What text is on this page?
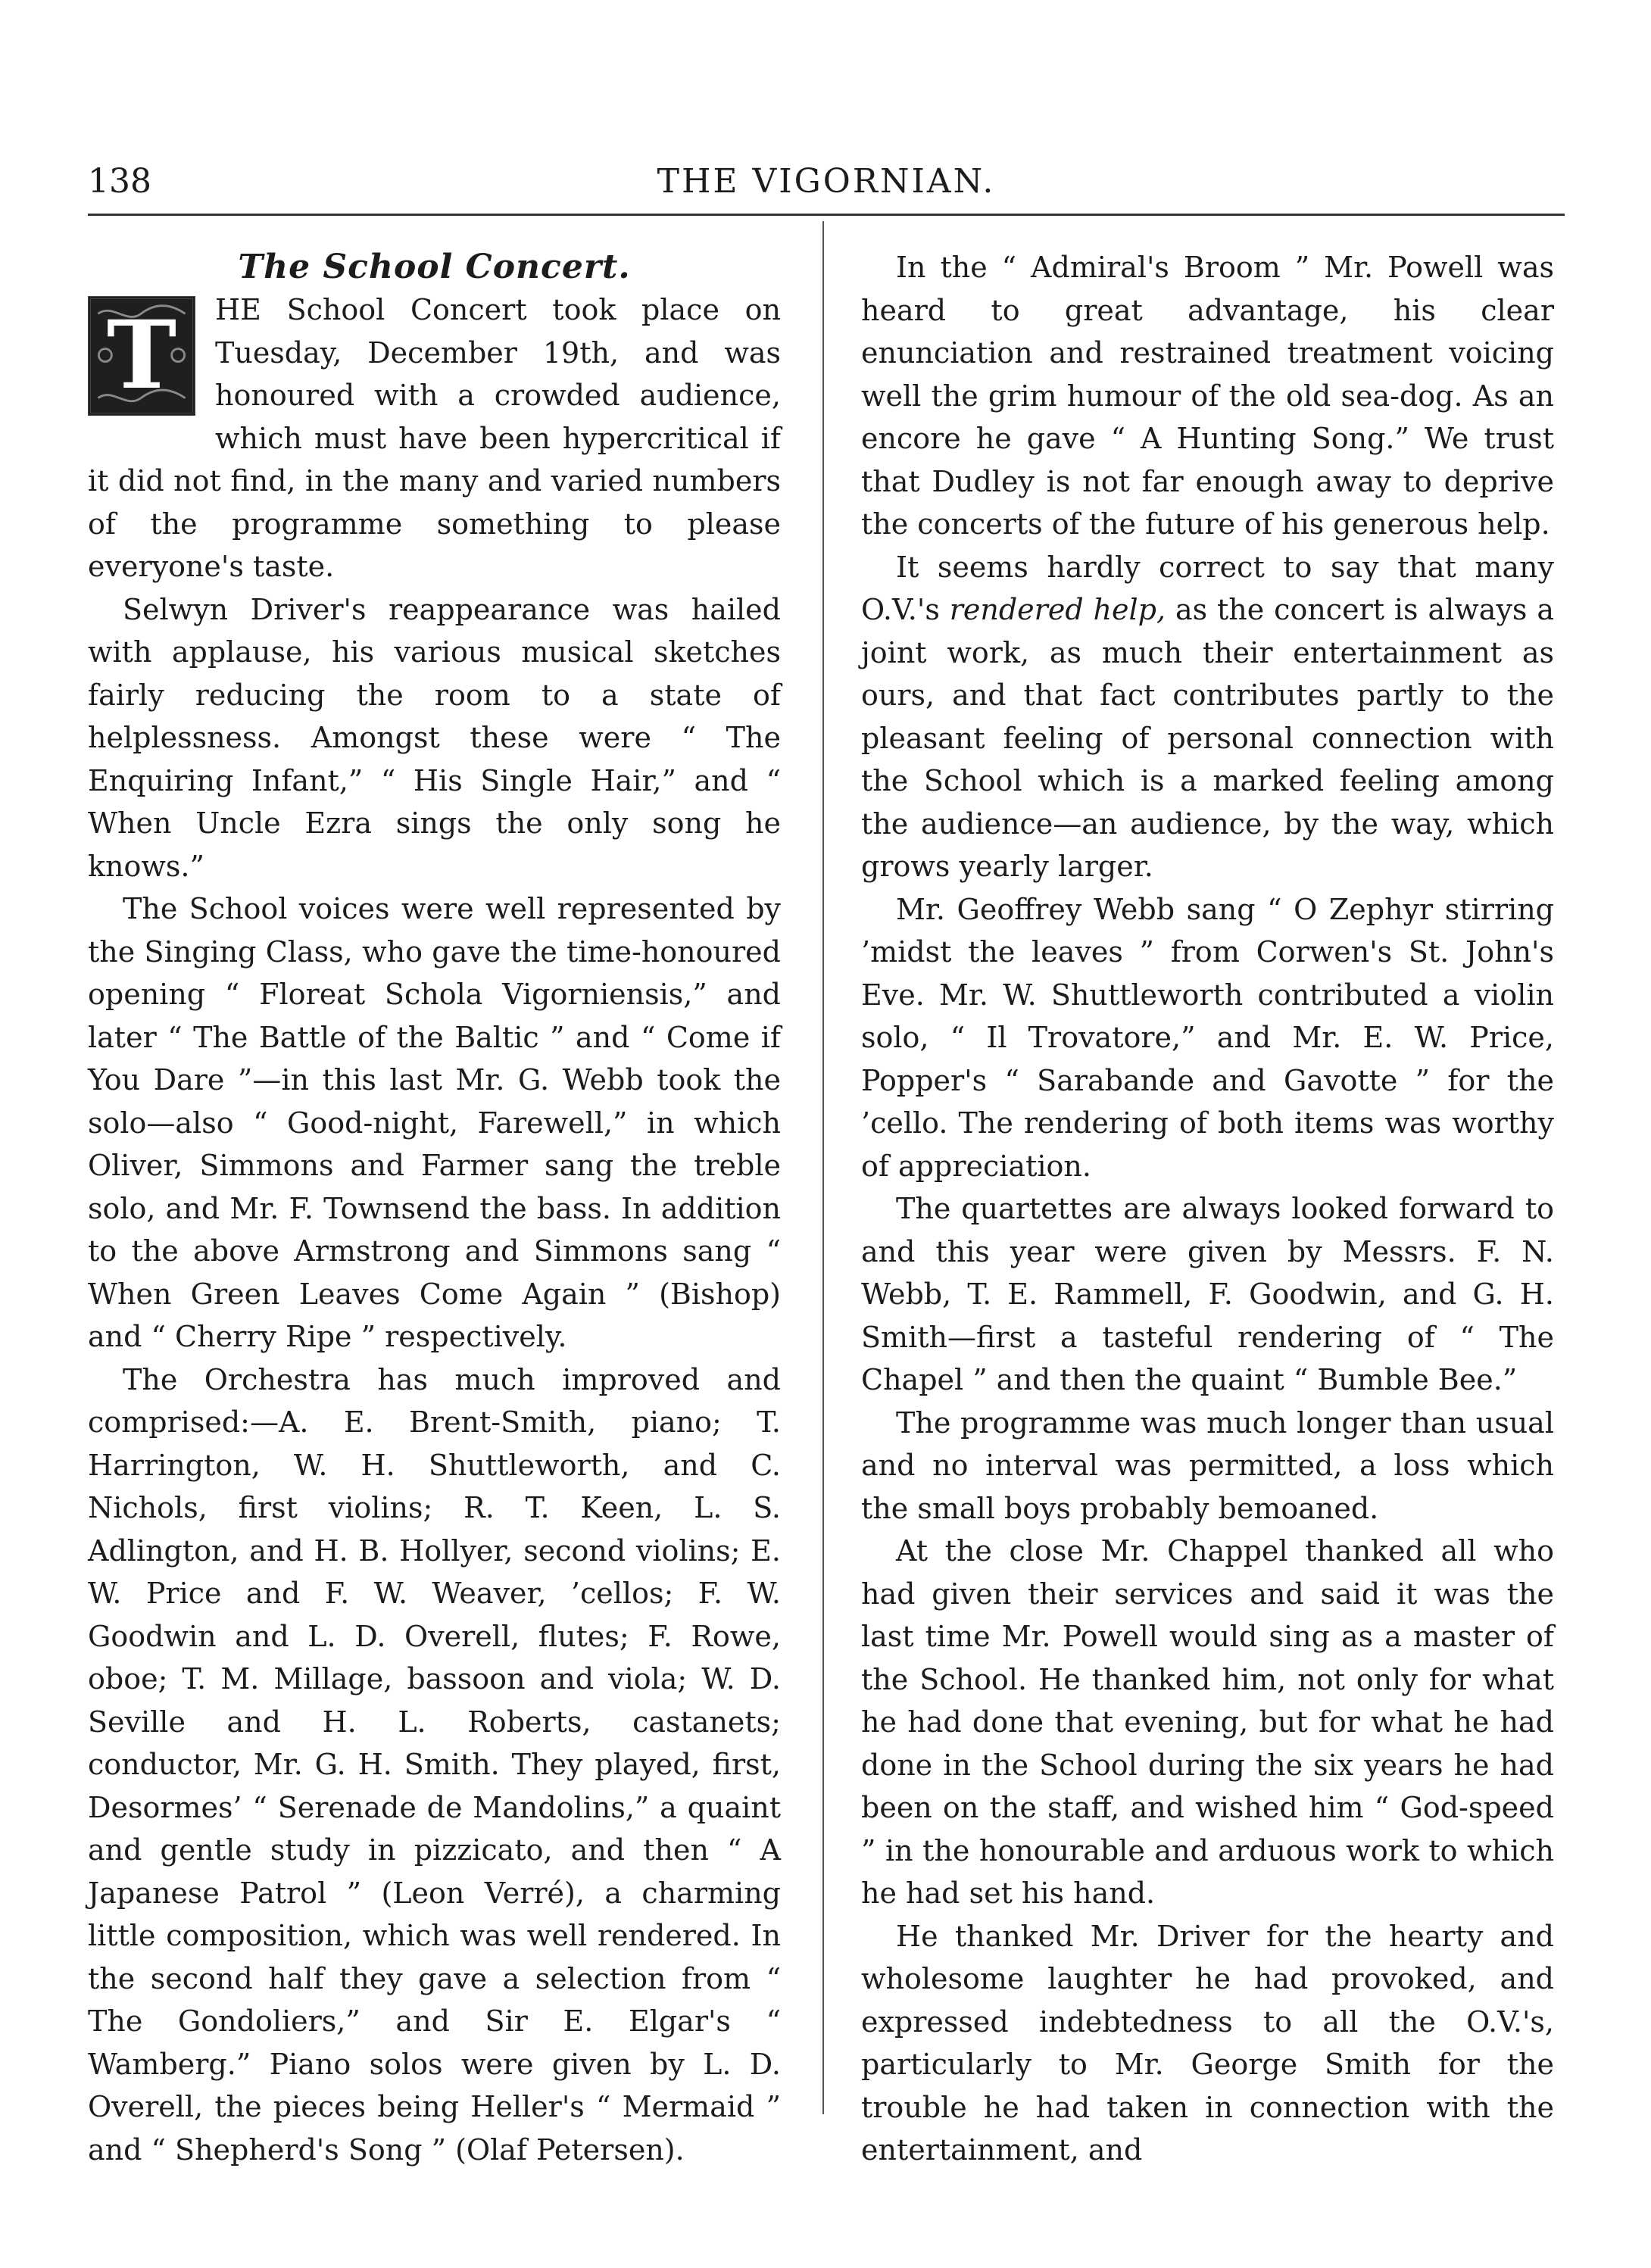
138	THE VIGORNIAN.
The School Concert.

T	HE School Concert took place on Tuesday, December 19th, and was honoured with a crowded audience, which must have been hypercritical if it did not find, in the many and varied numbers of the programme something to please everyone's taste.

Selwyn Driver's reappearance was hailed with applause, his various musical sketches fairly reducing the room to a state of helplessness. Amongst these were “ The Enquiring Infant,” “ His Single Hair,” and “ When Uncle Ezra sings the only song he knows.”

The School voices were well represented by the Singing Class, who gave the time-honoured opening “ Floreat Schola Vigorniensis,” and later “ The Battle of the Baltic ” and “ Come if You Dare ”—in this last Mr. G. Webb took the solo—also “ Good-night, Farewell,” in which Oliver, Simmons and Farmer sang the treble solo, and Mr. F. Townsend the bass. In addition to the above Armstrong and Simmons sang “ When Green Leaves Come Again ” (Bishop) and “ Cherry Ripe ” respectively.

The Orchestra has much improved and comprised:—A. E. Brent-Smith, piano; T. Harrington, W. H. Shuttleworth, and C. Nichols, first violins; R. T. Keen, L. S. Adlington, and H. B. Hollyer, second violins; E. W. Price and F. W. Weaver, ’cellos; F. W. Goodwin and L. D. Overell, flutes; F. Rowe, oboe; T. M. Millage, bassoon and viola; W. D. Seville and H. L. Roberts, castanets; conductor, Mr. G. H. Smith. They played, first, Desormes’ “ Serenade de Mandolins,” a quaint and gentle study in pizzicato, and then “ A Japanese Patrol ” (Leon Verré), a charming little composition, which was well rendered. In the second half they gave a selection from “ The Gondoliers,” and Sir E. Elgar's “ Wamberg.” Piano solos were given by L. D. Overell, the pieces being Heller's “ Mermaid ” and “ Shepherd's Song ” (Olaf Petersen).

In the “ Admiral's Broom ” Mr. Powell was heard to great advantage, his clear enunciation and restrained treatment voicing well the grim humour of the old sea-dog. As an encore he gave “ A Hunting Song.” We trust that Dudley is not far enough away to deprive the concerts of the future of his generous help.

It seems hardly correct to say that many O.V.'s rendered help, as the concert is always a joint work, as much their entertainment as ours, and that fact contributes partly to the pleasant feeling of personal connection with the School which is a marked feeling among the audience—an audience, by the way, which grows yearly larger.

Mr. Geoffrey Webb sang “ O Zephyr stirring ’midst the leaves ” from Corwen's St. John's Eve. Mr. W. Shuttleworth contributed a violin solo, “ Il Trovatore,” and Mr. E. W. Price, Popper's “ Sarabande and Gavotte ” for the ’cello. The rendering of both items was worthy of appreciation.

The quartettes are always looked forward to and this year were given by Messrs. F. N. Webb, T. E. Rammell, F. Goodwin, and G. H. Smith—first a tasteful rendering of “ The Chapel ” and then the quaint “ Bumble Bee.”

The programme was much longer than usual and no interval was permitted, a loss which the small boys probably bemoaned.

At the close Mr. Chappel thanked all who had given their services and said it was the last time Mr. Powell would sing as a master of the School. He thanked him, not only for what he had done that evening, but for what he had done in the School during the six years he had been on the staff, and wished him “ God-speed ” in the honourable and arduous work to which he had set his hand.

He thanked Mr. Driver for the hearty and wholesome laughter he had provoked, and expressed indebtedness to all the O.V.'s, particularly to Mr. George Smith for the trouble he had taken in connection with the entertainment, and
